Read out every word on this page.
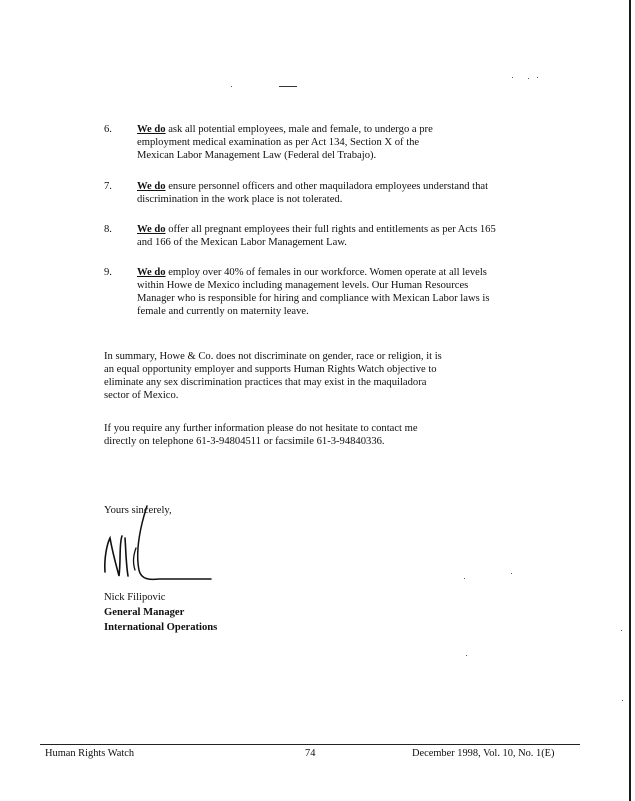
6. We do ask all potential employees, male and female, to undergo a pre
employment medical examination as per Act 134, Section X of the
Mexican Labor Management Law (Federal del Trabajo).
7. We do ensure personnel officers and other maquiladora employees understand that
discrimination in the work place is not tolerated.
8. We do offer all pregnant employees their full rights and entitlements as per Acts 165
and 166 of the Mexican Labor Management Law.
9. We do employ over 40% of females in our workforce. Women operate at all levels
within Howe de Mexico including management levels. Our Human Resources
Manager who is responsible for hiring and compliance with Mexican Labor laws is
female and currently on maternity leave.
In summary, Howe & Co. does not discriminate on gender, race or religion, it is
an equal opportunity employer and supports Human Rights Watch objective to
eliminate any sex discrimination practices that may exist in the maquiladora
sector of Mexico.
If you require any further information please do not hesitate to contact me
directly on telephone 61-3-94804511 or facsimile 61-3-94840336.
Yours sincerely,
Nick Filipovic
General Manager
International Operations
Human Rights Watch	74	December 1998, Vol. 10, No. 1(E)
